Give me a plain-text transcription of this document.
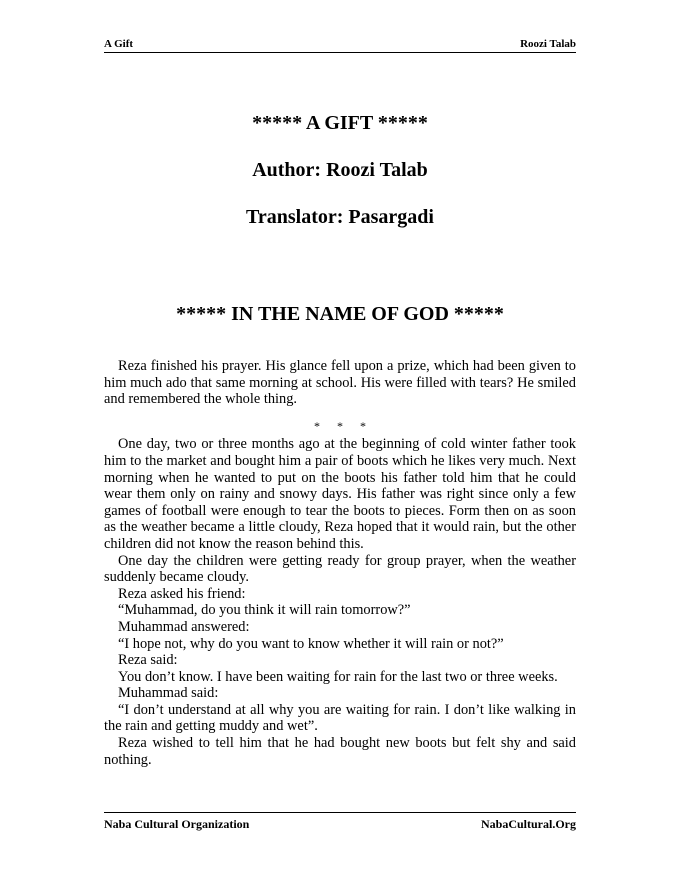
A Gift	Roozi Talab
***** A GIFT *****
Author: Roozi Talab
Translator: Pasargadi
***** IN THE NAME OF GOD *****

Reza finished his prayer. His glance fell upon a prize, which had been given to him much ado that same morning at school. His were filled with tears? He smiled and remembered the whole thing.

* * *

One day, two or three months ago at the beginning of cold winter father took him to the market and bought him a pair of boots which he likes very much. Next morning when he wanted to put on the boots his father told him that he could wear them only on rainy and snowy days. His father was right since only a few games of football were enough to tear the boots to pieces. Form then on as soon as the weather became a little cloudy, Reza hoped that it would rain, but the other children did not know the reason behind this.

One day the children were getting ready for group prayer, when the weather suddenly became cloudy.

Reza asked his friend:

“Muhammad, do you think it will rain tomorrow?”

Muhammad answered:

“I hope not, why do you want to know whether it will rain or not?”

Reza said:

You don’t know. I have been waiting for rain for the last two or three weeks.

Muhammad said:

“I don’t understand at all why you are waiting for rain. I don’t like walking in the rain and getting muddy and wet”.

Reza wished to tell him that he had bought new boots but felt shy and said nothing.

Naba Cultural Organization	NabaCultural.Org
